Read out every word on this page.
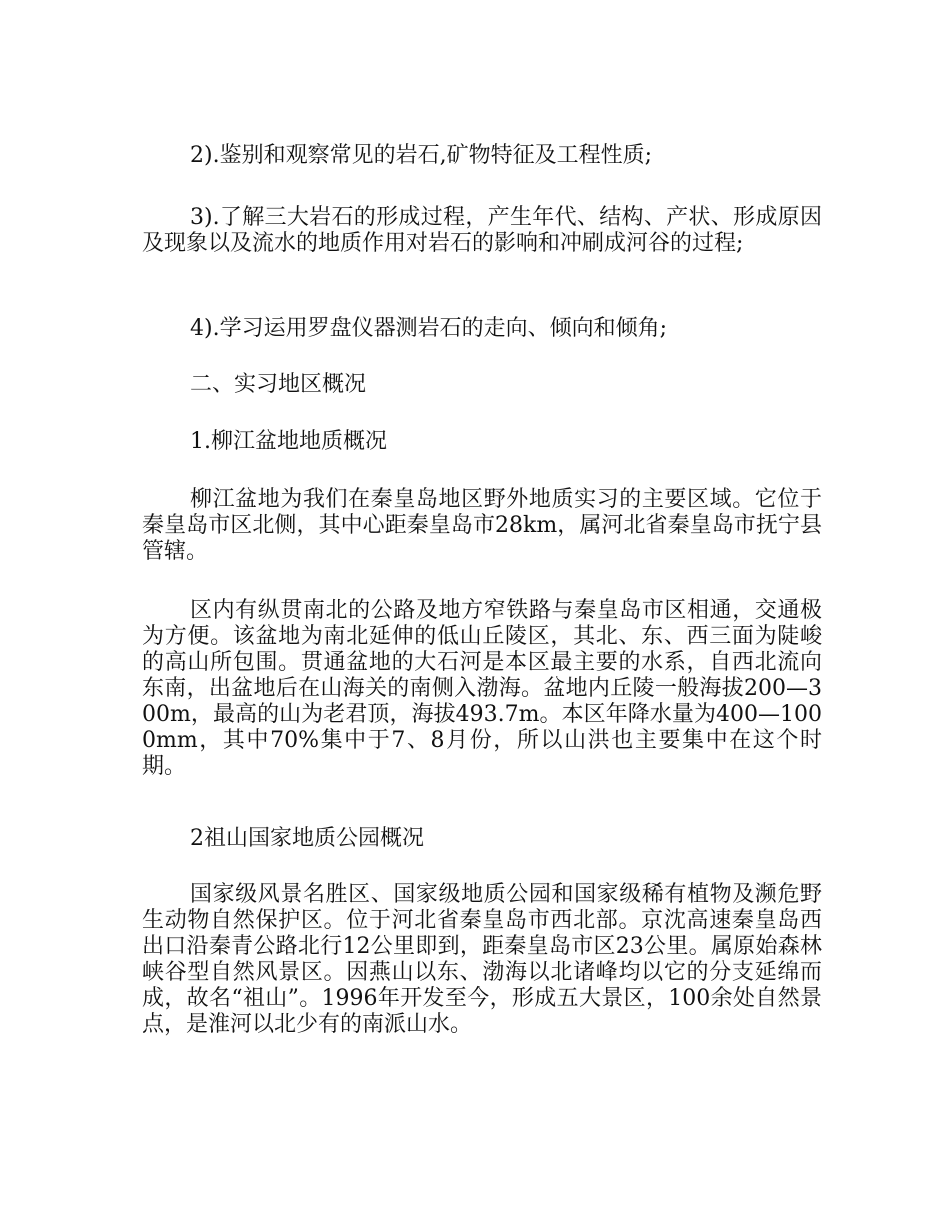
2).鉴别和观察常见的岩石,矿物特征及工程性质;

3).了解三大岩石的形成过程，产生年代、结构、产状、形成原因及现象以及流水的地质作用对岩石的影响和冲刷成河谷的过程;

4).学习运用罗盘仪器测岩石的走向、倾向和倾角;

二、实习地区概况

1.柳江盆地地质概况

柳江盆地为我们在秦皇岛地区野外地质实习的主要区域。它位于秦皇岛市区北侧，其中心距秦皇岛市28km，属河北省秦皇岛市抚宁县管辖。

区内有纵贯南北的公路及地方窄铁路与秦皇岛市区相通，交通极为方便。该盆地为南北延伸的低山丘陵区，其北、东、西三面为陡峻的高山所包围。贯通盆地的大石河是本区最主要的水系，自西北流向东南，出盆地后在山海关的南侧入渤海。盆地内丘陵一般海拔200—300m，最高的山为老君顶，海拔493.7m。本区年降水量为400—1000mm，其中70%集中于7、8月份，所以山洪也主要集中在这个时期。

2祖山国家地质公园概况

国家级风景名胜区、国家级地质公园和国家级稀有植物及濒危野生动物自然保护区。位于河北省秦皇岛市西北部。京沈高速秦皇岛西出口沿秦青公路北行12公里即到，距秦皇岛市区23公里。属原始森林峡谷型自然风景区。因燕山以东、渤海以北诸峰均以它的分支延绵而成，故名“祖山”。1996年开发至今，形成五大景区，100余处自然景点，是淮河以北少有的南派山水。
